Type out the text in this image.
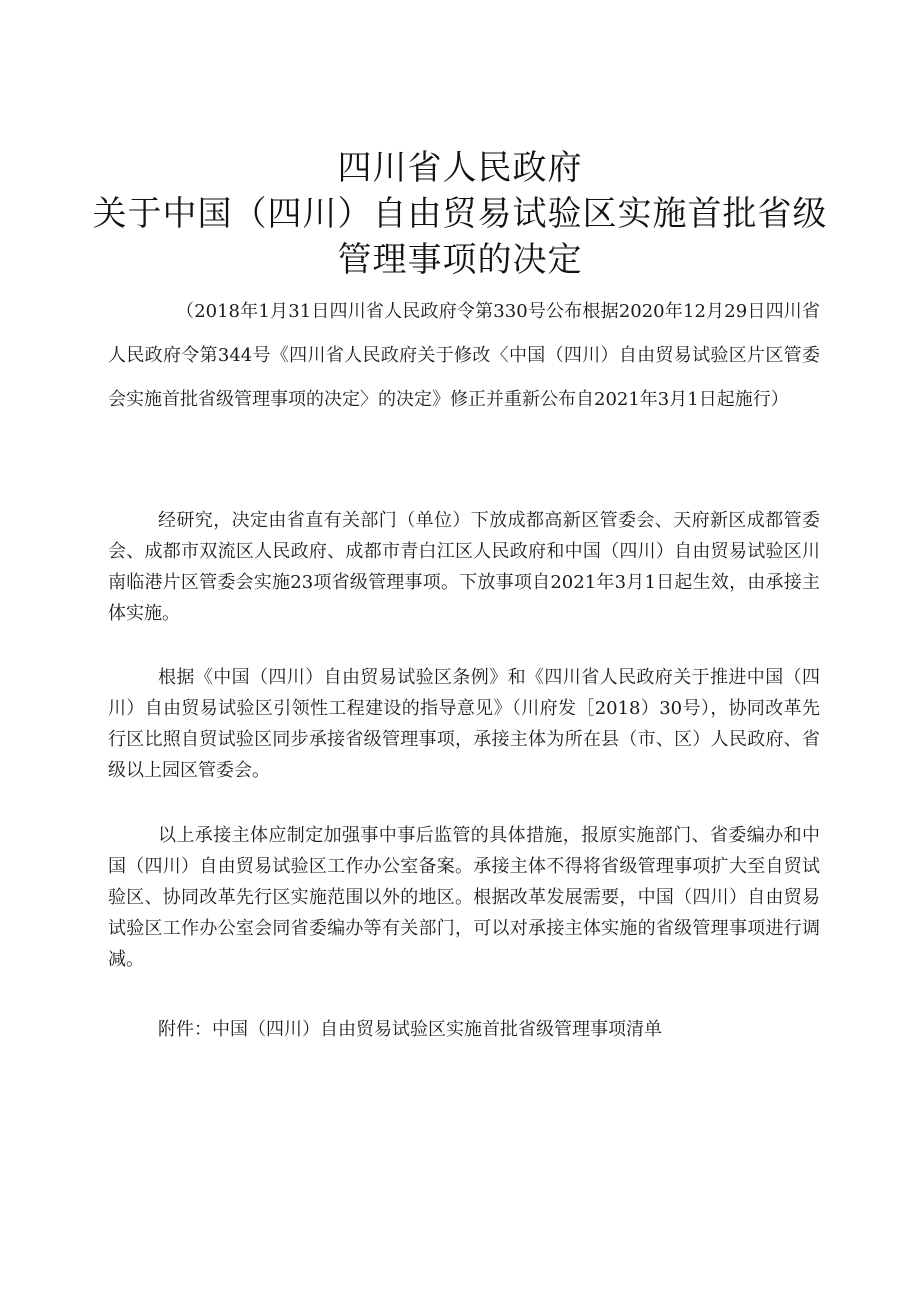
四川省人民政府
关于中国（四川）自由贸易试验区实施首批省级
管理事项的决定

（2018年1月31日四川省人民政府令第330号公布根据2020年12月29日四川省人民政府令第344号《四川省人民政府关于修改〈中国（四川）自由贸易试验区片区管委会实施首批省级管理事项的决定〉的决定》修正并重新公布自2021年3月1日起施行）

经研究，决定由省直有关部门（单位）下放成都高新区管委会、天府新区成都管委会、成都市双流区人民政府、成都市青白江区人民政府和中国（四川）自由贸易试验区川南临港片区管委会实施23项省级管理事项。下放事项自2021年3月1日起生效，由承接主体实施。

根据《中国（四川）自由贸易试验区条例》和《四川省人民政府关于推进中国（四川）自由贸易试验区引领性工程建设的指导意见》（川府发［2018）30号），协同改革先行区比照自贸试验区同步承接省级管理事项，承接主体为所在县（市、区）人民政府、省级以上园区管委会。

以上承接主体应制定加强事中事后监管的具体措施，报原实施部门、省委编办和中国（四川）自由贸易试验区工作办公室备案。承接主体不得将省级管理事项扩大至自贸试验区、协同改革先行区实施范围以外的地区。根据改革发展需要，中国（四川）自由贸易试验区工作办公室会同省委编办等有关部门，可以对承接主体实施的省级管理事项进行调减。

附件：中国（四川）自由贸易试验区实施首批省级管理事项清单
